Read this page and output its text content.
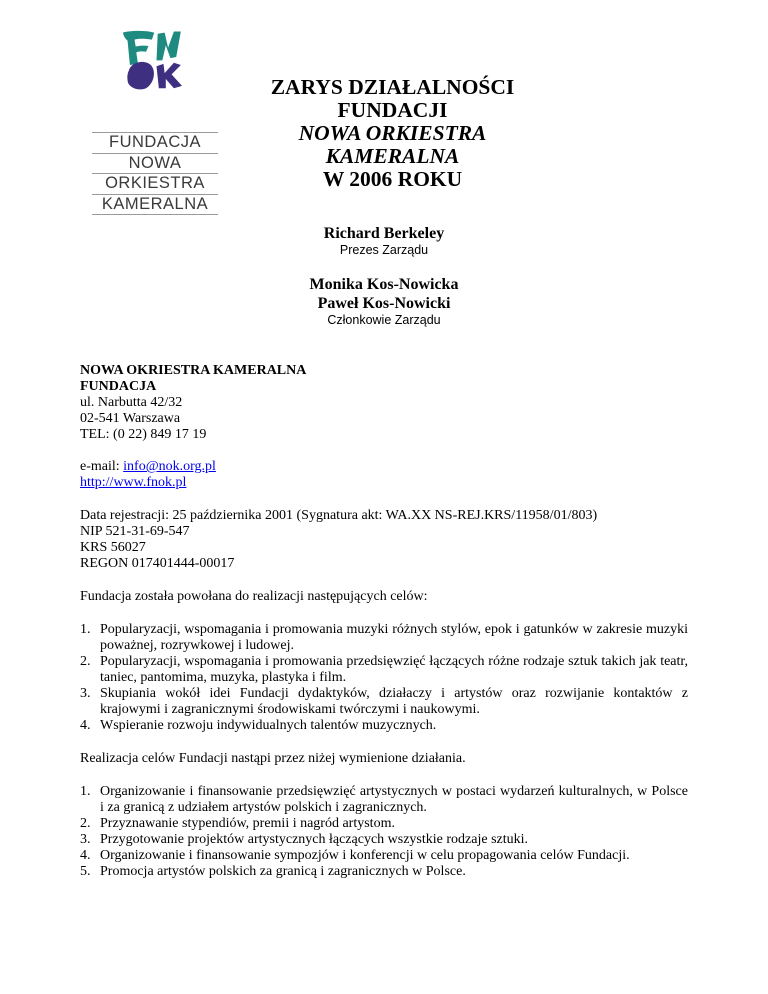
FUNDACJA
NOWA
ORKIESTRA
KAMERALNA
ZARYS DZIAŁALNOŚCI FUNDACJI
NOWA ORKIESTRA KAMERALNA
W 2006 ROKU
Richard Berkeley
Prezes Zarządu
Monika Kos-Nowicka
Paweł Kos-Nowicki
Członkowie Zarządu

NOWA OKRIESTRA KAMERALNA

FUNDACJA

ul. Narbutta 42/32

02-541 Warszawa

TEL: (0 22) 849 17 19

e-mail: info@nok.org.pl

http://www.fnok.pl

Data rejestracji: 25 października 2001 (Sygnatura akt: WA.XX NS-REJ.KRS/11958/01/803)

NIP 521-31-69-547

KRS 56027

REGON 017401444-00017

Fundacja została powołana do realizacji następujących celów:

1. Popularyzacji, wspomagania i promowania muzyki różnych stylów, epok i gatunków w zakresie muzyki poważnej, rozrywkowej i ludowej.
2. Popularyzacji, wspomagania i promowania przedsięwzięć łączących różne rodzaje sztuk takich jak teatr, taniec, pantomima, muzyka, plastyka i film.
3. Skupiania wokół idei Fundacji dydaktyków, działaczy i artystów oraz rozwijanie kontaktów z krajowymi i zagranicznymi środowiskami twórczymi i naukowymi.
4. Wspieranie rozwoju indywidualnych talentów muzycznych.

Realizacja celów Fundacji nastąpi przez niżej wymienione działania.

1. Organizowanie i finansowanie przedsięwzięć artystycznych w postaci wydarzeń kulturalnych, w Polsce i za granicą z udziałem artystów polskich i zagranicznych.
2. Przyznawanie stypendiów, premii i nagród artystom.
3. Przygotowanie projektów artystycznych łączących wszystkie rodzaje sztuki.
4. Organizowanie i finansowanie sympozjów i konferencji w celu propagowania celów Fundacji.
5. Promocja artystów polskich za granicą i zagranicznych w Polsce.
